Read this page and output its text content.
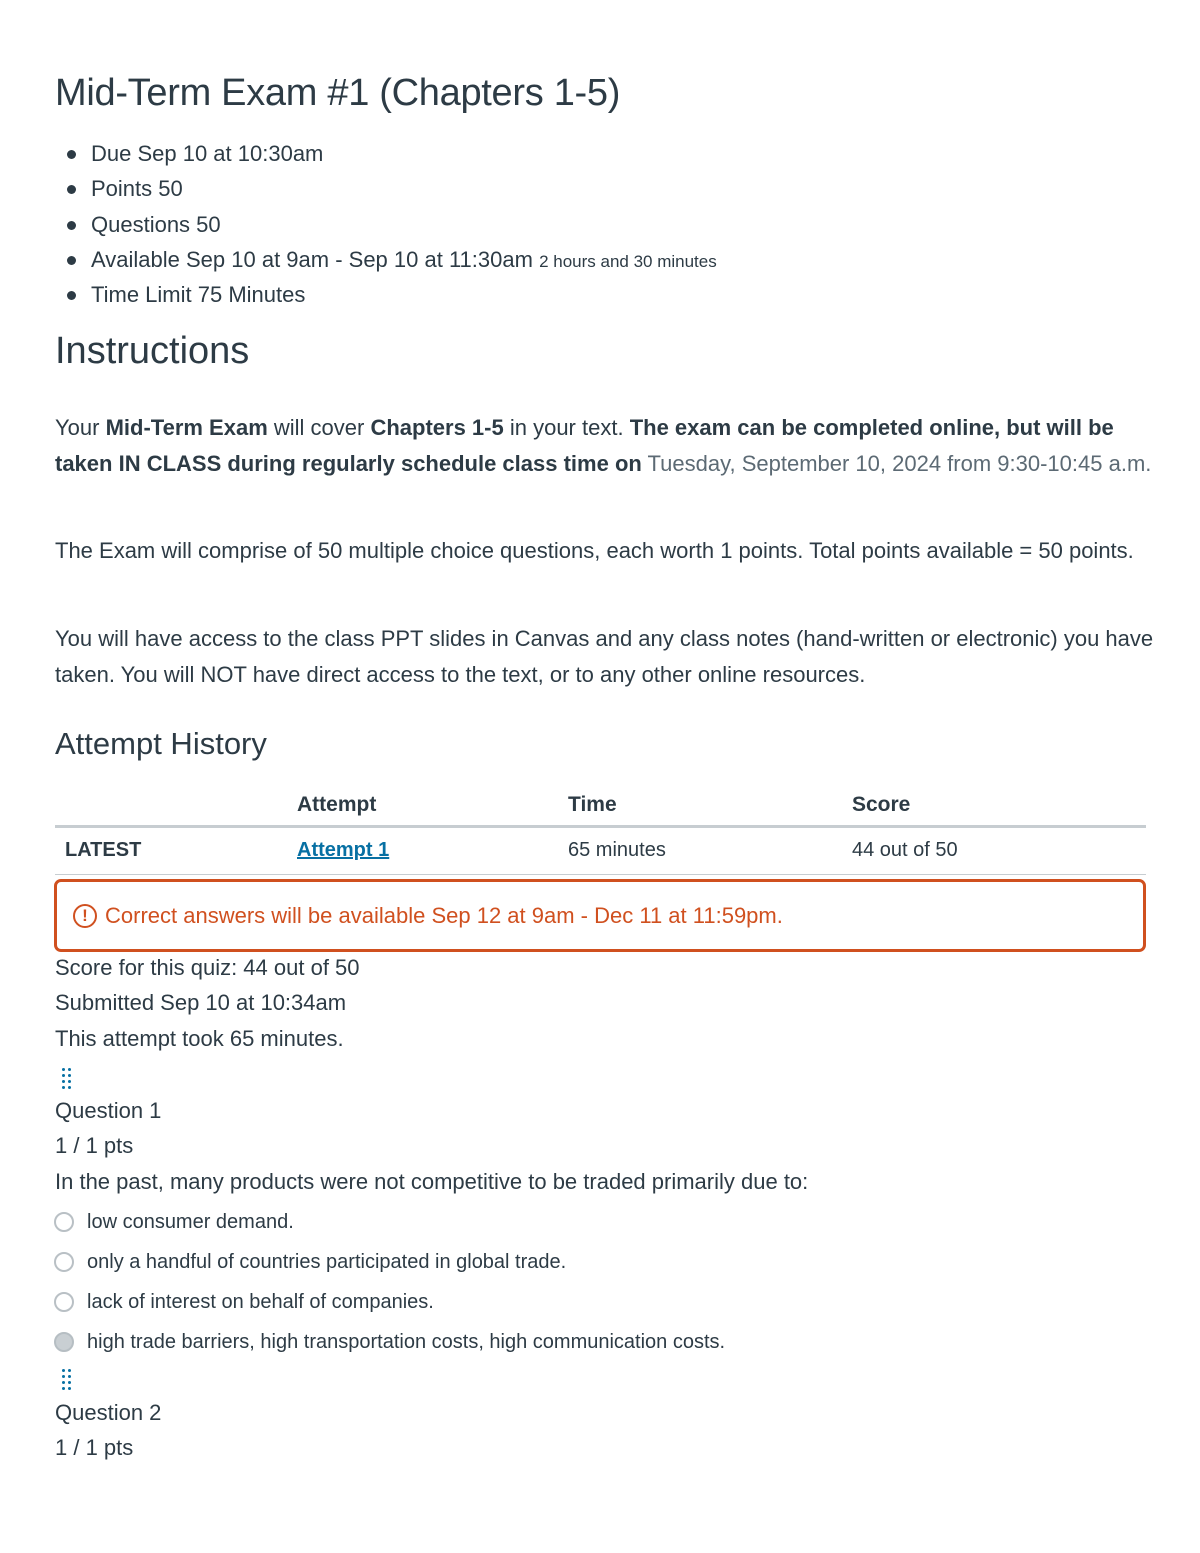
Mid-Term Exam #1 (Chapters 1-5)
Due Sep 10 at 10:30am
Points 50
Questions 50
Available Sep 10 at 9am - Sep 10 at 11:30am 2 hours and 30 minutes
Time Limit 75 Minutes
Instructions

Your Mid-Term Exam will cover Chapters 1-5 in your text. The exam can be completed online, but will be taken IN CLASS during regularly schedule class time on Tuesday, September 10, 2024 from 9:30-10:45 a.m.

The Exam will comprise of 50 multiple choice questions, each worth 1 points. Total points available = 50 points.

You will have access to the class PPT slides in Canvas and any class notes (hand-written or electronic) you have taken. You will NOT have direct access to the text, or to any other online resources.

Attempt History
	Attempt	Time	Score
LATEST	Attempt 1	65 minutes	44 out of 50
! Correct answers will be available Sep 12 at 9am - Dec 11 at 11:59pm.
Score for this quiz: 44 out of 50
Submitted Sep 10 at 10:34am
This attempt took 65 minutes.
Question 1
1 / 1 pts
In the past, many products were not competitive to be traded primarily due to:
low consumer demand.
only a handful of countries participated in global trade.
lack of interest on behalf of companies.
high trade barriers, high transportation costs, high communication costs.
Question 2
1 / 1 pts
